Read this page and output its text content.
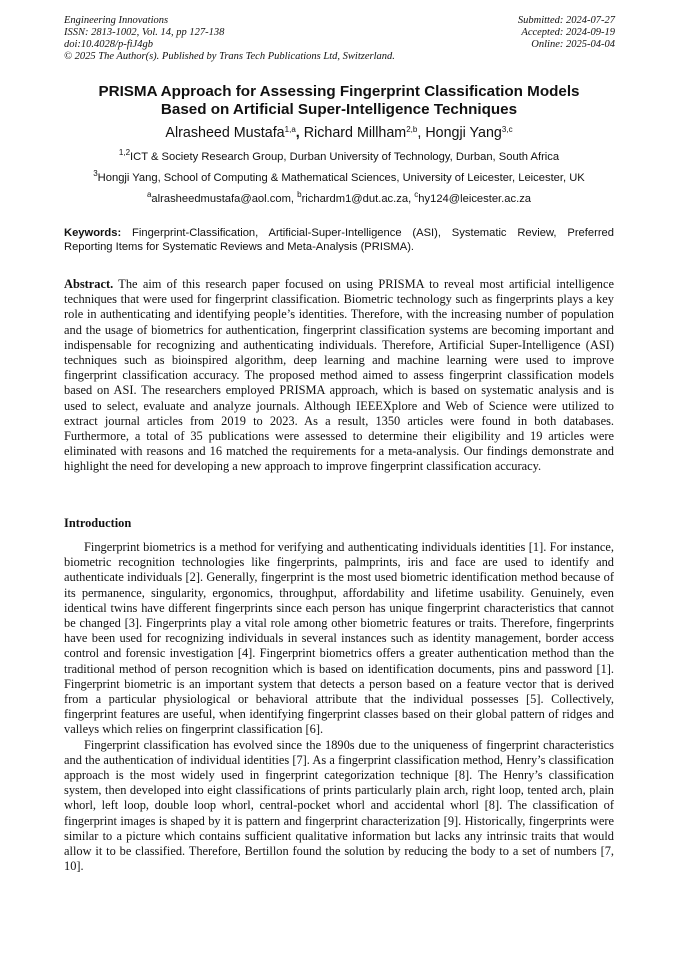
Engineering Innovations
ISSN: 2813-1002, Vol. 14, pp 127-138
doi:10.4028/p-fiJ4gb
© 2025 The Author(s). Published by Trans Tech Publications Ltd, Switzerland.
Submitted: 2024-07-27
Accepted: 2024-09-19
Online: 2025-04-04
PRISMA Approach for Assessing Fingerprint Classification Models
Based on Artificial Super-Intelligence Techniques
Alrasheed Mustafa$^{1,a}$, Richard Millham$^{2,b}$, Hongji Yang$^{3,c}$
$^{1,2}$ICT & Society Research Group, Durban University of Technology, Durban, South Africa
$^3$Hongji Yang, School of Computing & Mathematical Sciences, University of Leicester, Leicester, UK
$^a$alrasheedmustafa@aol.com, $^b$richardm1@dut.ac.za, $^c$hy124@leicester.ac.za
Keywords: Fingerprint-Classification, Artificial-Super-Intelligence (ASI), Systematic Review, Preferred Reporting Items for Systematic Reviews and Meta-Analysis (PRISMA).
Abstract. The aim of this research paper focused on using PRISMA to reveal most artificial intelligence techniques that were used for fingerprint classification. Biometric technology such as fingerprints plays a key role in authenticating and identifying people’s identities. Therefore, with the increasing number of population and the usage of biometrics for authentication, fingerprint classification systems are becoming important and indispensable for recognizing and authenticating individuals. Therefore, Artificial Super-Intelligence (ASI) techniques such as bioinspired algorithm, deep learning and machine learning were used to improve fingerprint classification accuracy. The proposed method aimed to assess fingerprint classification models based on ASI. The researchers employed PRISMA approach, which is based on systematic analysis and is used to select, evaluate and analyze journals. Although IEEEXplore and Web of Science were utilized to extract journal articles from 2019 to 2023. As a result, 1350 articles were found in both databases. Furthermore, a total of 35 publications were assessed to determine their eligibility and 19 articles were eliminated with reasons and 16 matched the requirements for a meta-analysis. Our findings demonstrate and highlight the need for developing a new approach to improve fingerprint classification accuracy.
Introduction

Fingerprint biometrics is a method for verifying and authenticating individuals identities [1]. For instance, biometric recognition technologies like fingerprints, palmprints, iris and face are used to identify and authenticate individuals [2]. Generally, fingerprint is the most used biometric identification method because of its permanence, singularity, ergonomics, throughput, affordability and lifetime usability. Genuinely, even identical twins have different fingerprints since each person has unique fingerprint characteristics that cannot be changed [3]. Fingerprints play a vital role among other biometric features or traits. Therefore, fingerprints have been used for recognizing individuals in several instances such as identity management, border access control and forensic investigation [4]. Fingerprint biometrics offers a greater authentication method than the traditional method of person recognition which is based on identification documents, pins and password [1]. Fingerprint biometric is an important system that detects a person based on a feature vector that is derived from a particular physiological or behavioral attribute that the individual possesses [5]. Collectively, fingerprint features are useful, when identifying fingerprint classes based on their global pattern of ridges and valleys which relies on fingerprint classification [6].

Fingerprint classification has evolved since the 1890s due to the uniqueness of fingerprint characteristics and the authentication of individual identities [7]. As a fingerprint classification method, Henry’s classification approach is the most widely used in fingerprint categorization technique [8]. The Henry’s classification system, then developed into eight classifications of prints particularly plain arch, right loop, tented arch, plain whorl, left loop, double loop whorl, central-pocket whorl and accidental whorl [8]. The classification of fingerprint images is shaped by it is pattern and fingerprint characterization [9]. Historically, fingerprints were similar to a picture which contains sufficient qualitative information but lacks any intrinsic traits that would allow it to be classified. Therefore, Bertillon found the solution by reducing the body to a set of numbers [7, 10].
